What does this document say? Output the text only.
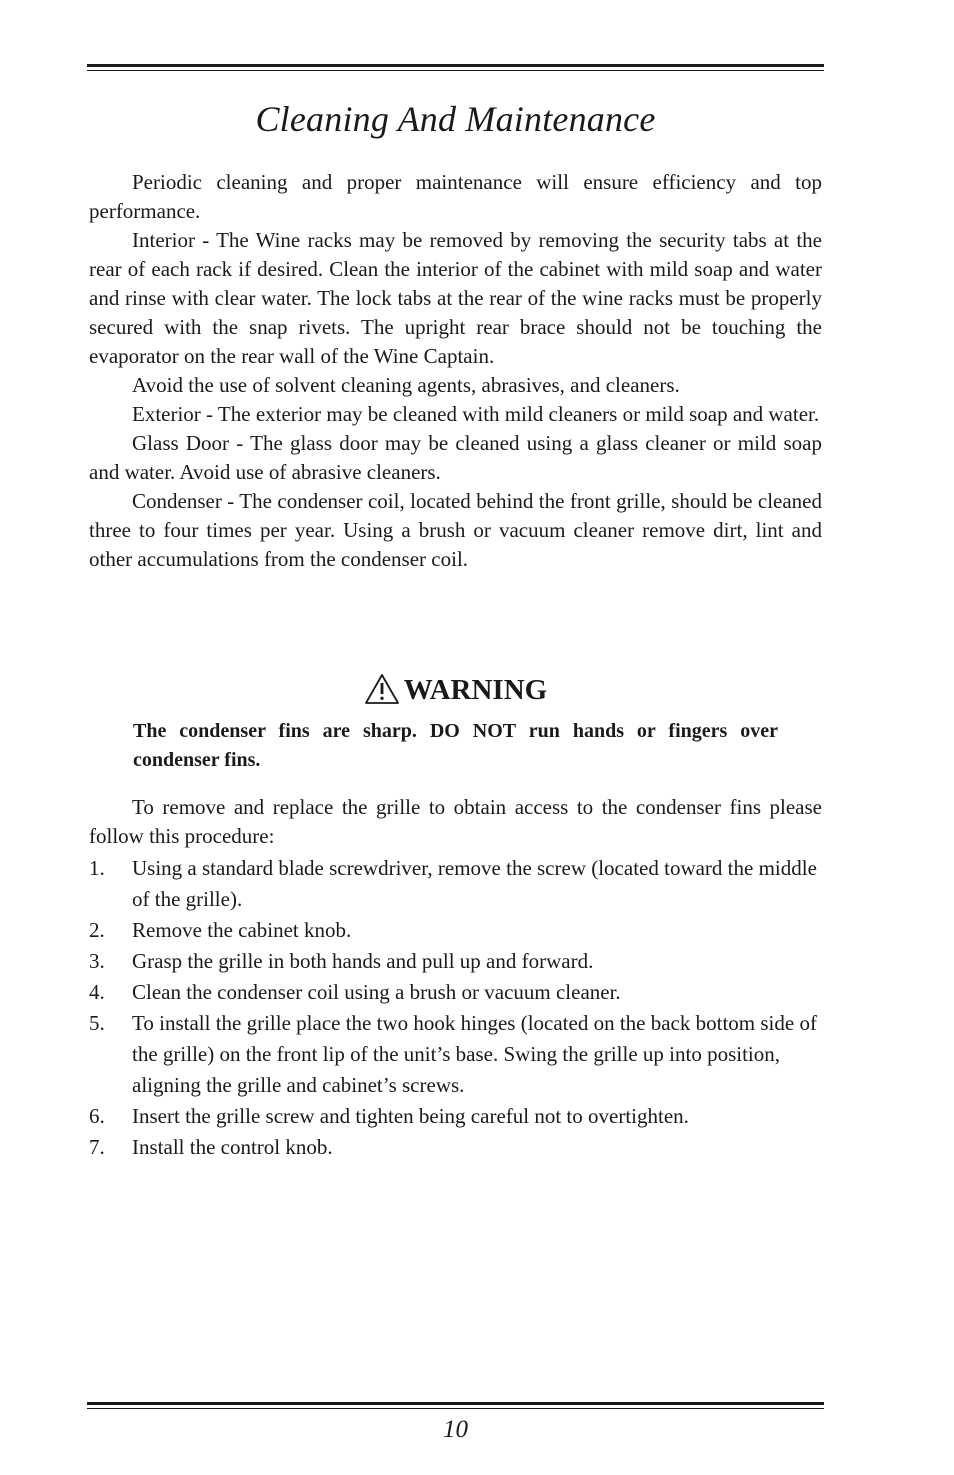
Cleaning And Maintenance

Periodic cleaning and proper maintenance will ensure efficiency and top performance.

Interior - The Wine racks may be removed by removing the security tabs at the rear of each rack if desired. Clean the interior of the cabinet with mild soap and water and rinse with clear water. The lock tabs at the rear of the wine racks must be properly secured with the snap rivets. The upright rear brace should not be touching the evaporator on the rear wall of the Wine Captain.

Avoid the use of solvent cleaning agents, abrasives, and cleaners.

Exterior - The exterior may be cleaned with mild cleaners or mild soap and water.

Glass Door - The glass door may be cleaned using a glass cleaner or mild soap and water. Avoid use of abrasive cleaners.

Condenser - The condenser coil, located behind the front grille, should be cleaned three to four times per year. Using a brush or vacuum cleaner remove dirt, lint and other accumulations from the condenser coil.

WARNING

The condenser fins are sharp. DO NOT run hands or fingers over condenser fins.

To remove and replace the grille to obtain access to the condenser fins please follow this procedure:

1. Using a standard blade screwdriver, remove the screw (located toward the middle of the grille).
2. Remove the cabinet knob.
3. Grasp the grille in both hands and pull up and forward.
4. Clean the condenser coil using a brush or vacuum cleaner.
5. To install the grille place the two hook hinges (located on the back bottom side of the grille) on the front lip of the unit’s base. Swing the grille up into position, aligning the grille and cabinet’s screws.
6. Insert the grille screw and tighten being careful not to overtighten.
7. Install the control knob.
10
